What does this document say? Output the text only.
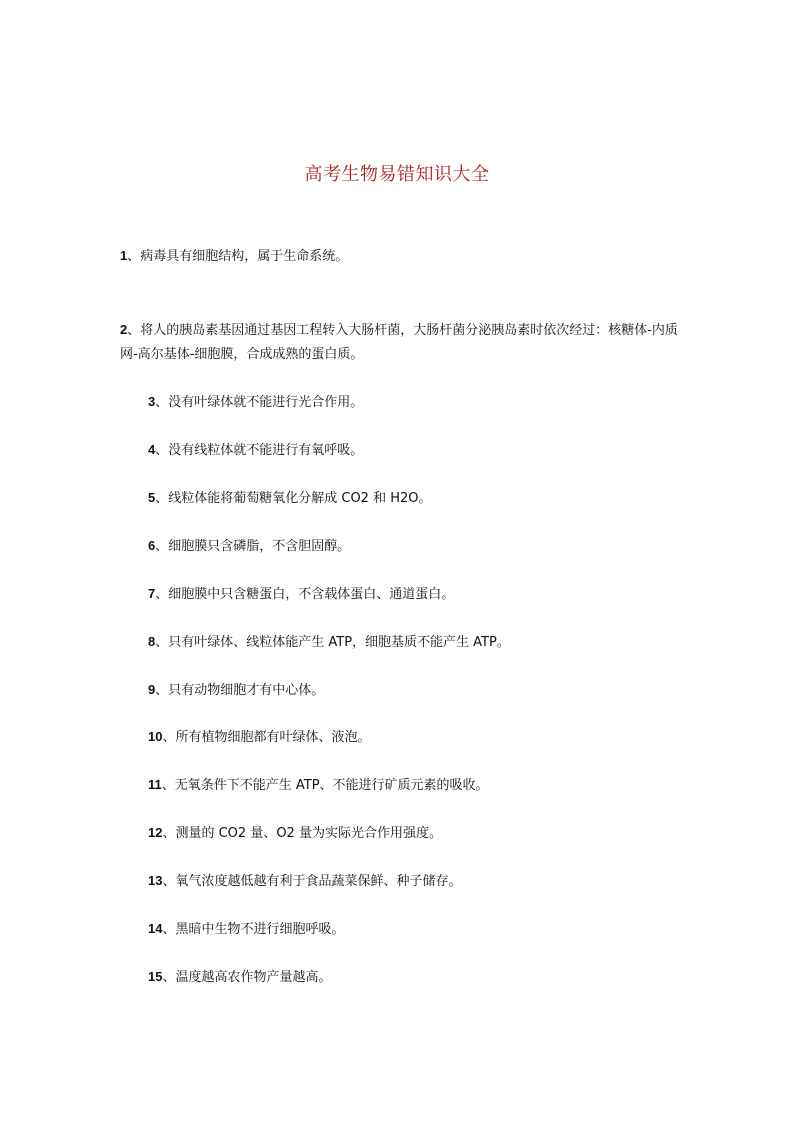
高考生物易错知识大全
1、病毒具有细胞结构，属于生命系统。
2、将人的胰岛素基因通过基因工程转入大肠杆菌，大肠杆菌分泌胰岛素时依次经过：核糖体-内质网-高尔基体-细胞膜，合成成熟的蛋白质。
3、没有叶绿体就不能进行光合作用。
4、没有线粒体就不能进行有氧呼吸。
5、线粒体能将葡萄糖氧化分解成 CO2 和 H2O。
6、细胞膜只含磷脂，不含胆固醇。
7、细胞膜中只含糖蛋白，不含载体蛋白、通道蛋白。
8、只有叶绿体、线粒体能产生 ATP，细胞基质不能产生 ATP。
9、只有动物细胞才有中心体。
10、所有植物细胞都有叶绿体、液泡。
11、无氧条件下不能产生 ATP、不能进行矿质元素的吸收。
12、测量的 CO2 量、O2 量为实际光合作用强度。
13、氧气浓度越低越有利于食品蔬菜保鲜、种子储存。
14、黑暗中生物不进行细胞呼吸。
15、温度越高农作物产量越高。
